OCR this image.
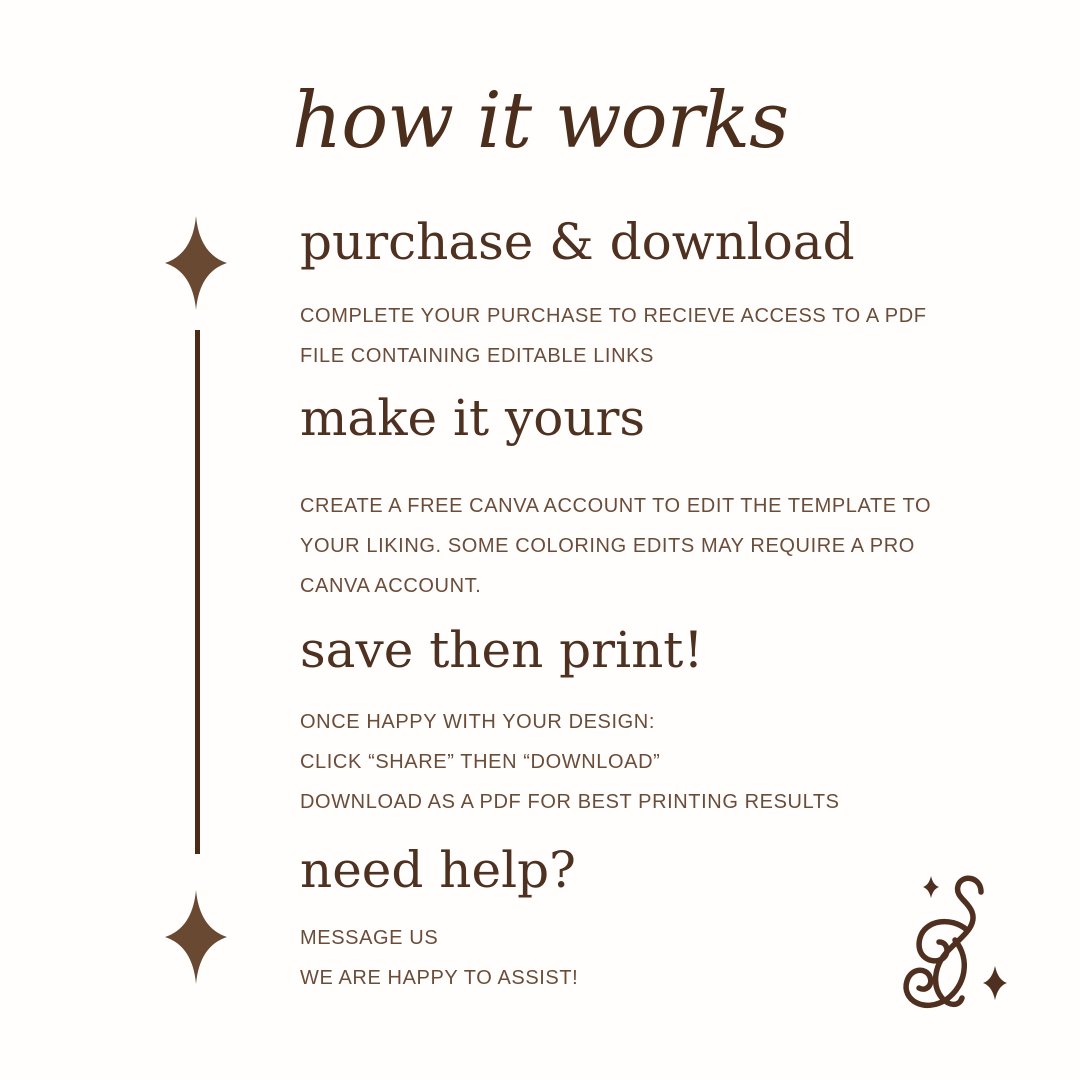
how it works
purchase & download
COMPLETE YOUR PURCHASE TO RECIEVE ACCESS TO A PDF
FILE CONTAINING EDITABLE LINKS
make it yours
CREATE A FREE CANVA ACCOUNT TO EDIT THE TEMPLATE TO
YOUR LIKING. SOME COLORING EDITS MAY REQUIRE A PRO
CANVA ACCOUNT.
save then print!
ONCE HAPPY WITH YOUR DESIGN:
CLICK “SHARE” THEN “DOWNLOAD”
DOWNLOAD AS A PDF FOR BEST PRINTING RESULTS
need help?
MESSAGE US
WE ARE HAPPY TO ASSIST!
